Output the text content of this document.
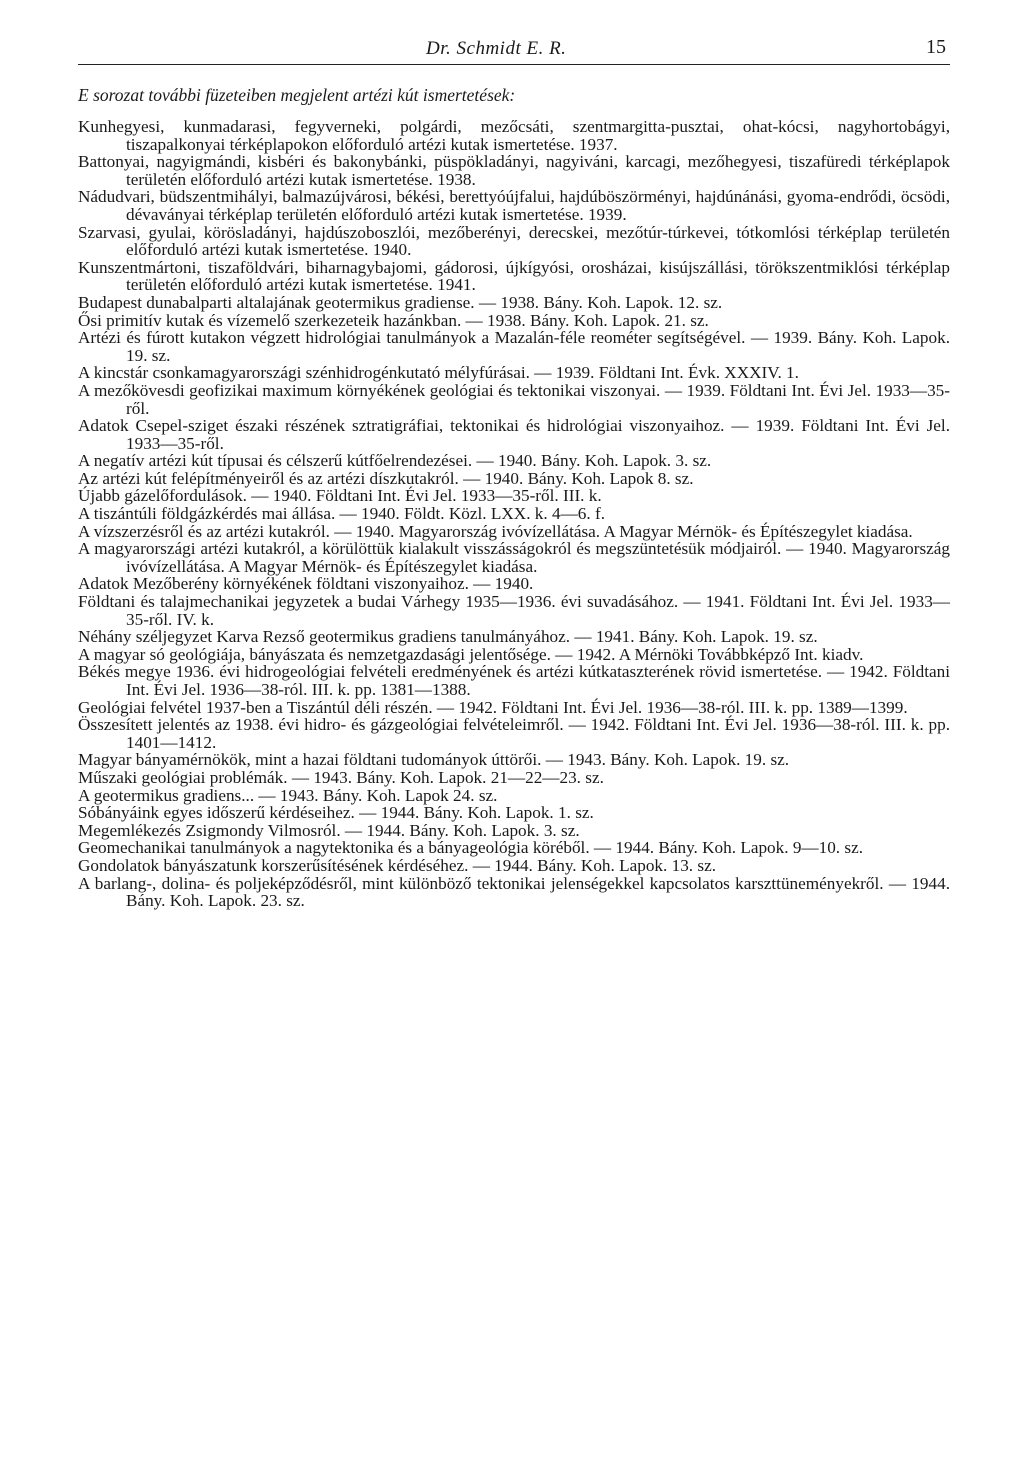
Dr. Schmidt E. R.	15

E sorozat további füzeteiben megjelent artézi kút ismertetések:

Kunhegyesi, kunmadarasi, fegyverneki, polgárdi, mezőcsáti, szentmargitta-pusztai, ohat-kócsi, nagyhortobágyi, tiszapalkonyai térképlapokon előforduló artézi kutak ismertetése. 1937.

Battonyai, nagyigmándi, kisbéri és bakonybánki, püspökladányi, nagyiváni, karcagi, mezőhegyesi, tiszafüredi térképlapok területén előforduló artézi kutak ismertetése. 1938.

Nádudvari, büdszentmihályi, balmazújvárosi, békési, berettyóújfalui, hajdúböszörményi, hajdúnánási, gyoma-endrődi, öcsödi, dévaványai térképlap területén előforduló artézi kutak ismertetése. 1939.

Szarvasi, gyulai, körösladányi, hajdúszoboszlói, mezőberényi, derecskei, mezőtúr-túrkevei, tótkomlósi térképlap területén előforduló artézi kutak ismertetése. 1940.

Kunszentmártoni, tiszaföldvári, biharnagybajomi, gádorosi, újkígyósi, orosházai, kisújszállási, törökszentmiklósi térképlap területén előforduló artézi kutak ismertetése. 1941.

Budapest dunabalparti altalajának geotermikus gradiense. — 1938. Bány. Koh. Lapok. 12. sz.

Ősi primitív kutak és vízemelő szerkezeteik hazánkban. — 1938. Bány. Koh. Lapok. 21. sz.

Artézi és fúrott kutakon végzett hidrológiai tanulmányok a Mazalán-féle reométer segítségével. — 1939. Bány. Koh. Lapok. 19. sz.

A kincstár csonkamagyarországi szénhidrogénkutató mélyfúrásai. — 1939. Földtani Int. Évk. XXXIV. 1.

A mezőkövesdi geofizikai maximum környékének geológiai és tektonikai viszonyai. — 1939. Földtani Int. Évi Jel. 1933—35-ről.

Adatok Csepel-sziget északi részének sztratigráfiai, tektonikai és hidrológiai viszonyaihoz. — 1939. Földtani Int. Évi Jel. 1933—35-ről.

A negatív artézi kút típusai és célszerű kútfőelrendezései. — 1940. Bány. Koh. Lapok. 3. sz.

Az artézi kút felépítményeiről és az artézi díszkutakról. — 1940. Bány. Koh. Lapok 8. sz.

Újabb gázelőfordulások. — 1940. Földtani Int. Évi Jel. 1933—35-ről. III. k.

A tiszántúli földgázkérdés mai állása. — 1940. Földt. Közl. LXX. k. 4—6. f.

A vízszerzésről és az artézi kutakról. — 1940. Magyarország ivóvízellátása. A Magyar Mérnök- és Építészegylet kiadása.

A magyarországi artézi kutakról, a körülöttük kialakult visszásságokról és megszüntetésük módjairól. — 1940. Magyarország ivóvízellátása. A Magyar Mérnök- és Építészegylet kiadása.

Adatok Mezőberény környékének földtani viszonyaihoz. — 1940.

Földtani és talajmechanikai jegyzetek a budai Várhegy 1935—1936. évi suvadásához. — 1941. Földtani Int. Évi Jel. 1933—35-ről. IV. k.

Néhány széljegyzet Karva Rezső geotermikus gradiens tanulmányához. — 1941. Bány. Koh. Lapok. 19. sz.

A magyar só geológiája, bányászata és nemzetgazdasági jelentősége. — 1942. A Mérnöki Továbbképző Int. kiadv.

Békés megye 1936. évi hidrogeológiai felvételi eredményének és artézi kútkataszterének rövid ismertetése. — 1942. Földtani Int. Évi Jel. 1936—38-ról. III. k. pp. 1381—1388.

Geológiai felvétel 1937-ben a Tiszántúl déli részén. — 1942. Földtani Int. Évi Jel. 1936—38-ról. III. k. pp. 1389—1399.

Összesített jelentés az 1938. évi hidro- és gázgeológiai felvételeimről. — 1942. Földtani Int. Évi Jel. 1936—38-ról. III. k. pp. 1401—1412.

Magyar bányamérnökök, mint a hazai földtani tudományok úttörői. — 1943. Bány. Koh. Lapok. 19. sz.

Műszaki geológiai problémák. — 1943. Bány. Koh. Lapok. 21—22—23. sz.

A geotermikus gradiens... — 1943. Bány. Koh. Lapok 24. sz.

Sóbányáink egyes időszerű kérdéseihez. — 1944. Bány. Koh. Lapok. 1. sz.

Megemlékezés Zsigmondy Vilmosról. — 1944. Bány. Koh. Lapok. 3. sz.

Geomechanikai tanulmányok a nagytektonika és a bányageológia köréből. — 1944. Bány. Koh. Lapok. 9—10. sz.

Gondolatok bányászatunk korszerűsítésének kérdéséhez. — 1944. Bány. Koh. Lapok. 13. sz.

A barlang-, dolina- és poljeképződésről, mint különböző tektonikai jelenségekkel kapcsolatos karszttüneményekről. — 1944. Bány. Koh. Lapok. 23. sz.
